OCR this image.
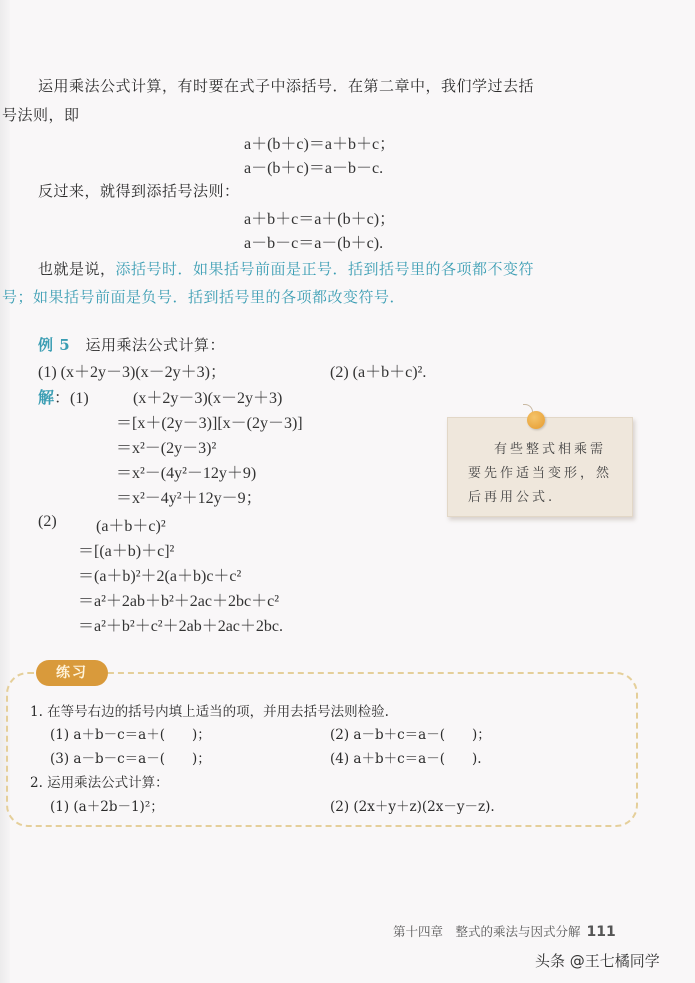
运用乘法公式计算，有时要在式子中添括号．在第二章中，我们学过去括
号法则，即
a＋(b＋c)＝a＋b＋c；
a－(b＋c)＝a－b－c.
反过来，就得到添括号法则：
a＋b＋c＝a＋(b＋c)；
a－b－c＝a－(b＋c).
也就是说，添括号时．如果括号前面是正号．括到括号里的各项都不变符
号；如果括号前面是负号．括到括号里的各项都改变符号．
例 5 运用乘法公式计算：
(1) (x＋2y－3)(x－2y＋3)；	(2) (a＋b＋c)².
解：(1)	(x＋2y－3)(x－2y＋3)
＝[x＋(2y－3)][x－(2y－3)]
＝x²－(2y－3)²
＝x²－(4y²－12y＋9)
＝x²－4y²＋12y－9；
(2) (a＋b＋c)²
＝[(a＋b)＋c]²
＝(a＋b)²＋2(a＋b)c＋c²
＝a²＋2ab＋b²＋2ac＋2bc＋c²
＝a²＋b²＋c²＋2ab＋2ac＋2bc.
有些整式相乘需
要先作适当变形，然
后再用公式.
练习
1. 在等号右边的括号内填上适当的项，并用去括号法则检验.
(1) a＋b－c＝a＋(　　)；	(2) a－b＋c＝a－(　　)；
(3) a－b－c＝a－(　　)；	(4) a＋b＋c＝a－(　　).
2. 运用乘法公式计算：
(1) (a＋2b－1)²；	(2) (2x＋y＋z)(2x－y－z).
第十四章　整式的乘法与因式分解 111
头条 @王七橘同学
